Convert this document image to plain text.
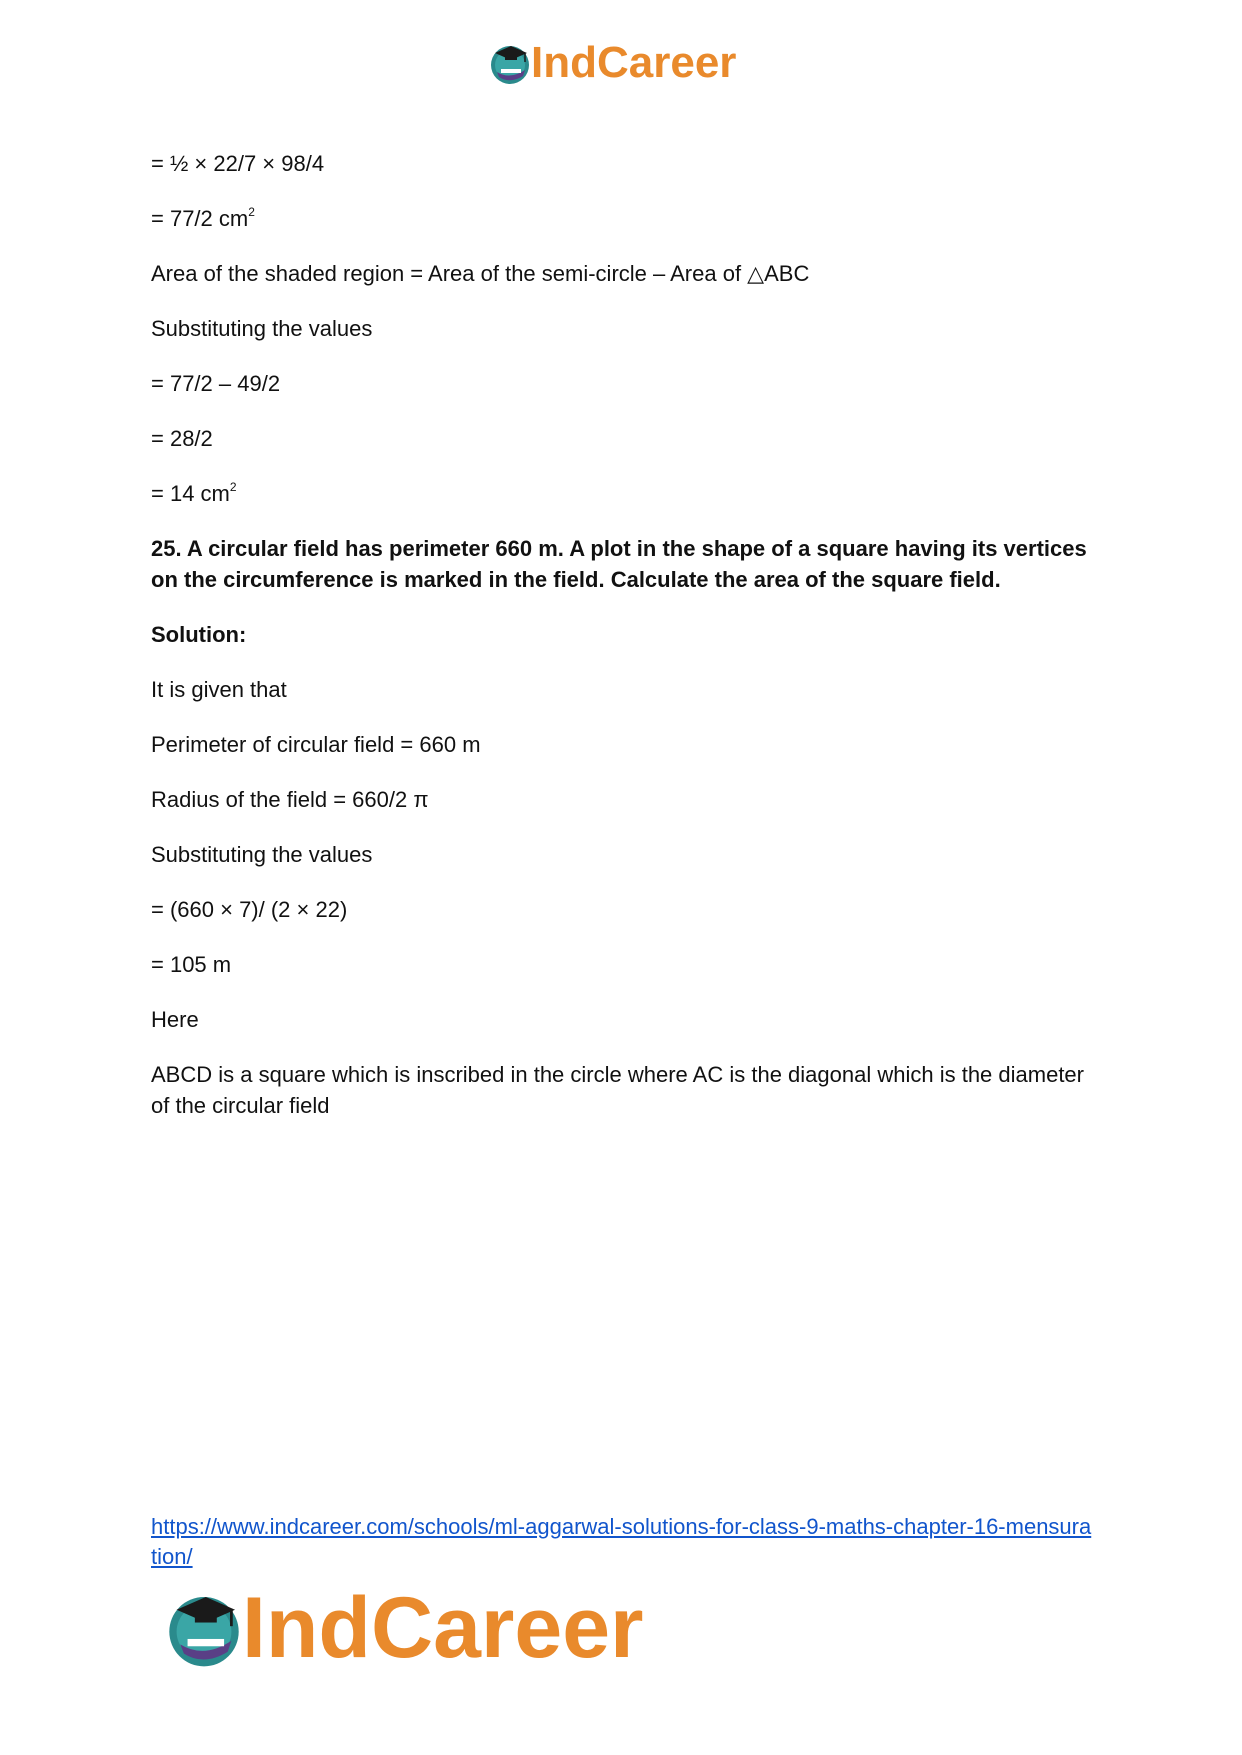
IndCareer
= ½ × 22/7 × 98/4
= 77/2 $cm^2$
Area of the shaded region = Area of the semi-circle – Area of △ABC
Substituting the values
= 77/2 – 49/2
= 28/2
= 14 $cm^2$
25. A circular field has perimeter 660 m. A plot in the shape of a square having its vertices on the circumference is marked in the field. Calculate the area of the square field.
Solution:
It is given that
Perimeter of circular field = 660 m
Radius of the field = 660/2 π
Substituting the values
= (660 × 7)/ (2 × 22)
= 105 m
Here
ABCD is a square which is inscribed in the circle where AC is the diagonal which is the diameter of the circular field
https://www.indcareer.com/schools/ml-aggarwal-solutions-for-class-9-maths-chapter-16-mensuration/
IndCareer
